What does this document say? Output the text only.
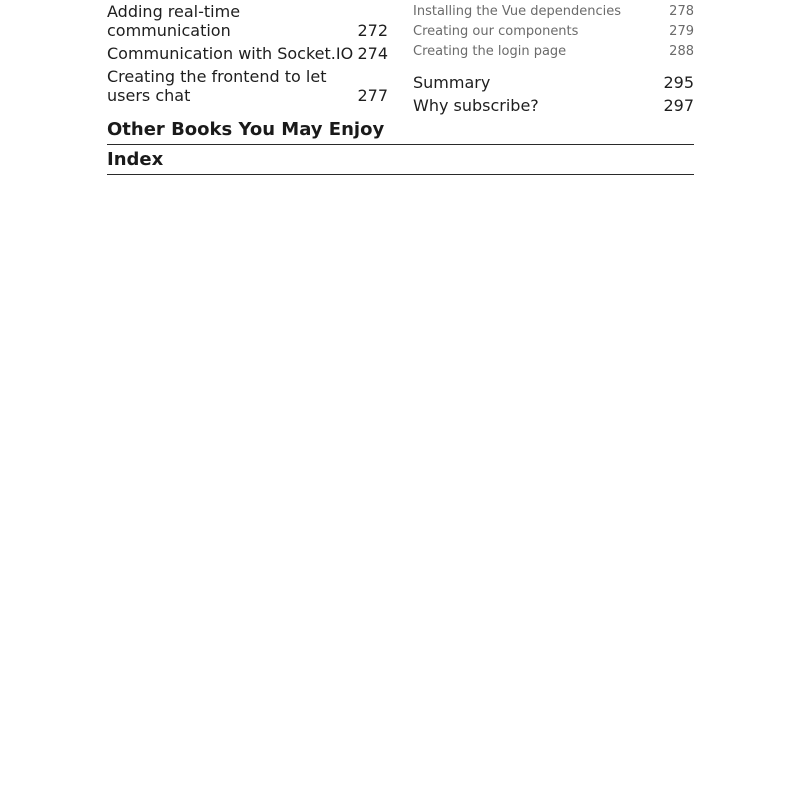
Adding real-time
communication	272
Communication with Socket.IO 274
Creating the frontend to let
users chat	277
Installing the Vue dependencies	278
Creating our components	279
Creating the login page	288
Summary	295
Why subscribe?	297
Other Books You May Enjoy
Index
